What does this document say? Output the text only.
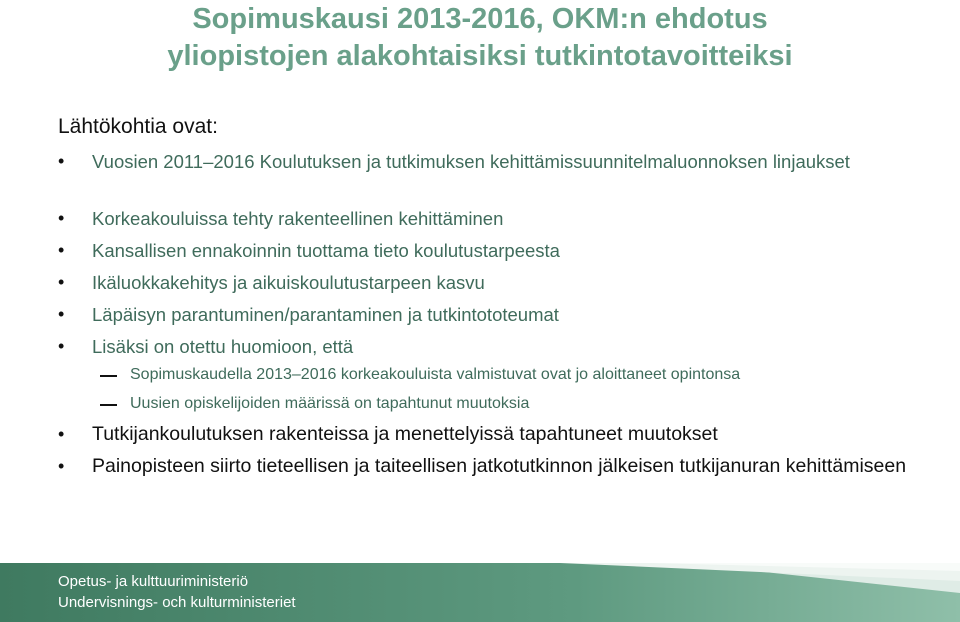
Sopimuskausi 2013-2016, OKM:n ehdotus
yliopistojen alakohtaisiksi tutkintotavoitteiksi
Lähtökohtia ovat:
• Vuosien 2011–2016 Koulutuksen ja tutkimuksen kehittämissuunnitelmaluonnoksen linjaukset
• Korkeakouluissa tehty rakenteellinen kehittäminen
• Kansallisen ennakoinnin tuottama tieto koulutustarpeesta
• Ikäluokkakehitys ja aikuiskoulutustarpeen kasvu
• Läpäisyn parantuminen/parantaminen ja tutkintototeumat
• Lisäksi on otettu huomioon, että
Sopimuskaudella 2013–2016 korkeakouluista valmistuvat ovat jo aloittaneet opintonsa
Uusien opiskelijoiden määrissä on tapahtunut muutoksia
• Tutkijankoulutuksen rakenteissa ja menettelyissä tapahtuneet muutokset
• Painopisteen siirto tieteellisen ja taiteellisen jatkotutkinnon jälkeisen tutkijanuran kehittämiseen
Opetus- ja kulttuuriministeriö
Undervisnings- och kulturministeriet
